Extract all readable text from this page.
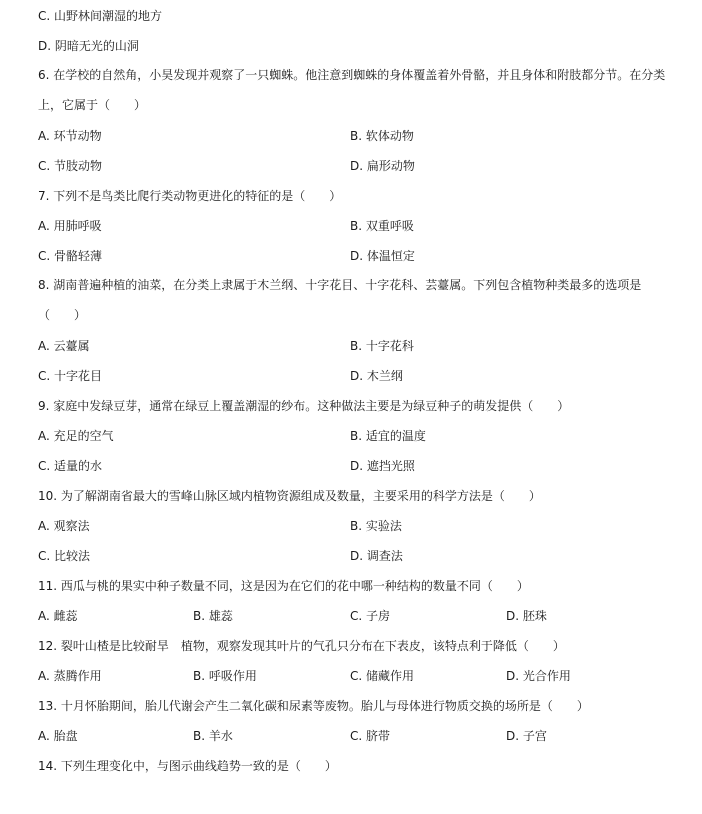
C. 山野林间潮湿的地方
D. 阴暗无光的山洞
6. 在学校的自然角，小昊发现并观察了一只蜘蛛。他注意到蜘蛛的身体覆盖着外骨骼，并且身体和附肢都分节。在分类上，它属于（　　）
A. 环节动物	B. 软体动物
C. 节肢动物	D. 扁形动物
7. 下列不是鸟类比爬行类动物更进化的特征的是（　　）
A. 用肺呼吸	B. 双重呼吸
C. 骨骼轻薄	D. 体温恒定
8. 湖南普遍种植的油菜，在分类上隶属于木兰纲、十字花目、十字花科、芸薹属。下列包含植物种类最多的选项是（　　）
A. 云薹属	B. 十字花科
C. 十字花目	D. 木兰纲
9. 家庭中发绿豆芽，通常在绿豆上覆盖潮湿的纱布。这种做法主要是为绿豆种子的萌发提供（　　）
A. 充足的空气	B. 适宜的温度
C. 适量的水	D. 遮挡光照
10. 为了解湖南省最大的雪峰山脉区域内植物资源组成及数量，主要采用的科学方法是（　　）
A. 观察法	B. 实验法
C. 比较法	D. 调查法
11. 西瓜与桃的果实中种子数量不同，这是因为在它们的花中哪一种结构的数量不同（　　）
A. 雌蕊	B. 雄蕊	C. 子房	D. 胚珠
12. 裂叶山楂是比较耐旱　植物，观察发现其叶片的气孔只分布在下表皮，该特点利于降低（　　）
A. 蒸腾作用	B. 呼吸作用	C. 储藏作用	D. 光合作用
13. 十月怀胎期间，胎儿代谢会产生二氧化碳和尿素等废物。胎儿与母体进行物质交换的场所是（　　）
A. 胎盘	B. 羊水	C. 脐带	D. 子宫
14. 下列生理变化中，与图示曲线趋势一致的是（　　）
